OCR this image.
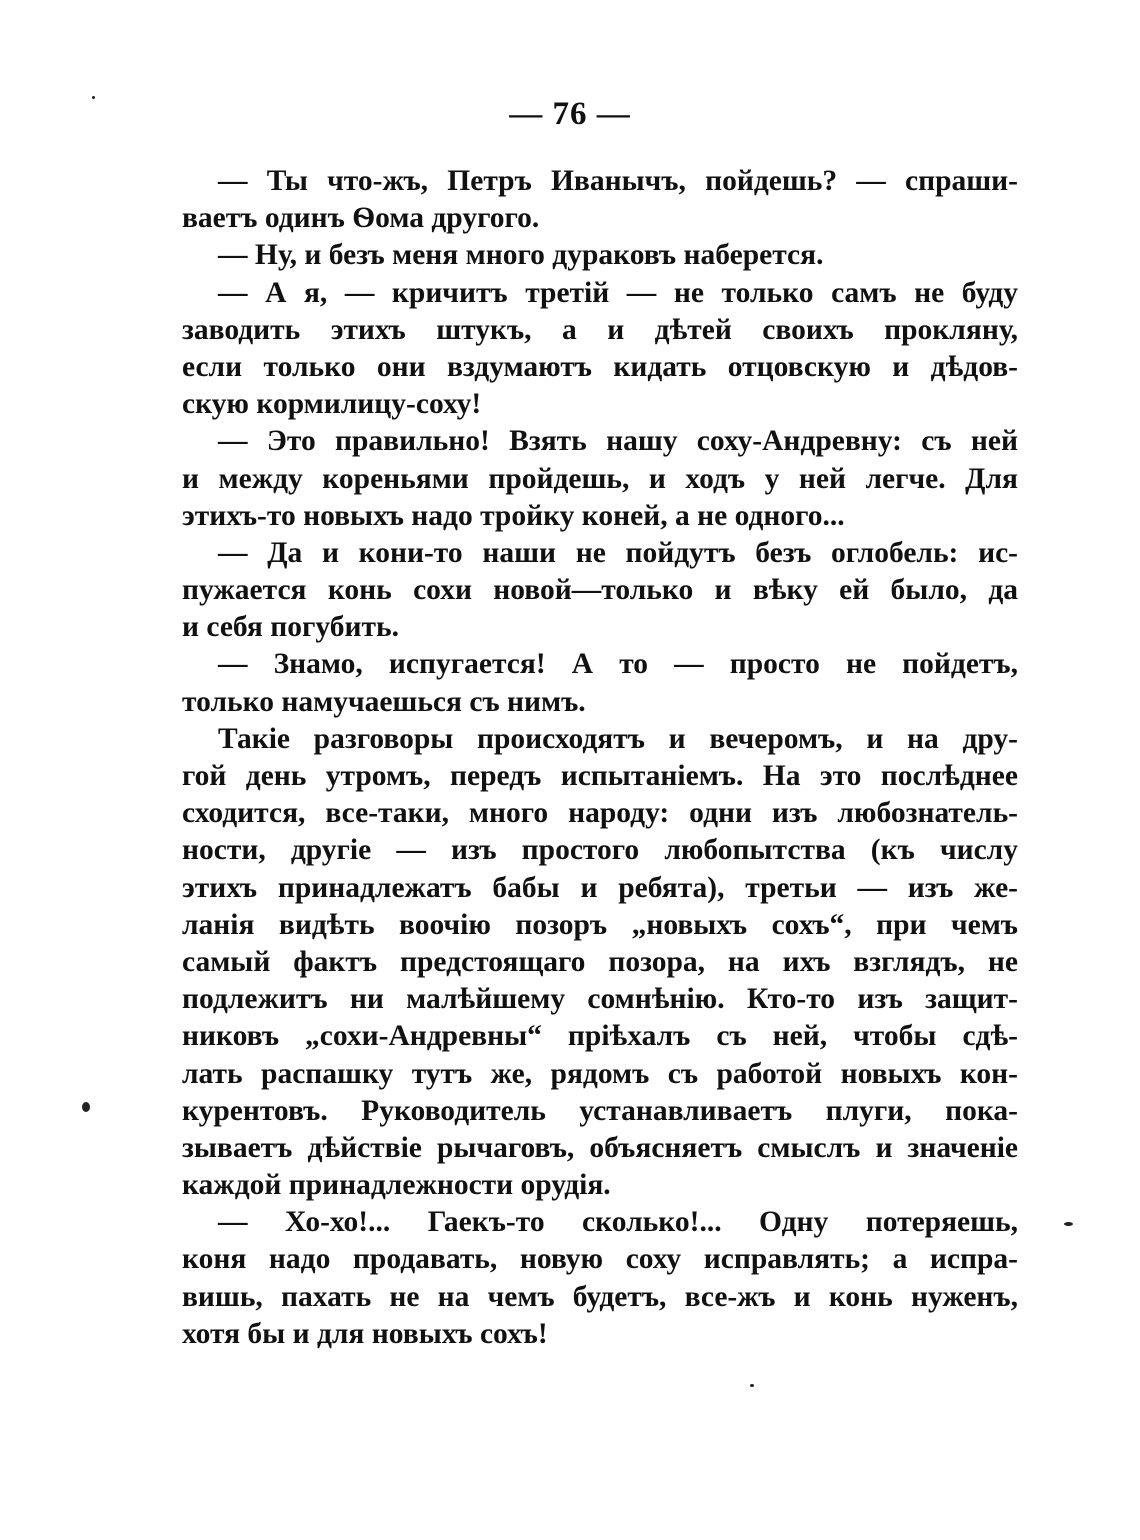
— 76 —
— Ты что-жъ, Петръ Иванычъ, пойдешь? — спраши-
ваетъ одинъ Ѳома другого.
— Ну, и безъ меня много дураковъ наберется.
— А я, — кричитъ третій — не только самъ не буду
заводить этихъ штукъ, а и дѣтей своихъ прокляну,
если только они вздумаютъ кидать отцовскую и дѣдов-
скую кормилицу-соху!
— Это правильно! Взять нашу соху-Андревну: съ ней
и между кореньями пройдешь, и ходъ у ней легче. Для
этихъ-то новыхъ надо тройку коней, а не одного...
— Да и кони-то наши не пойдутъ безъ оглобель: ис-
пужается конь сохи новой—только и вѣку ей было, да
и себя погубить.
— Знамо, испугается! А то — просто не пойдетъ,
только намучаешься съ нимъ.
Такіе разговоры происходятъ и вечеромъ, и на дру-
гой день утромъ, передъ испытаніемъ. На это послѣднее
сходится, все-таки, много народу: одни изъ любознатель-
ности, другіе — изъ простого любопытства (къ числу
этихъ принадлежатъ бабы и ребята), третьи — изъ же-
ланія видѣть воочію позоръ „новыхъ сохъ“, при чемъ
самый фактъ предстоящаго позора, на ихъ взглядъ, не
подлежитъ ни малѣйшему сомнѣнію. Кто-то изъ защит-
никовъ „сохи-Андревны“ пріѣхалъ съ ней, чтобы сдѣ-
лать распашку тутъ же, рядомъ съ работой новыхъ кон-
курентовъ. Руководитель устанавливаетъ плуги, пока-
зываетъ дѣйствіе рычаговъ, объясняетъ смыслъ и значеніе
каждой принадлежности орудія.
— Хо-хо!... Гаекъ-то сколько!... Одну потеряешь,
коня надо продавать, новую соху исправлять; а испра-
вишь, пахать не на чемъ будетъ, все-жъ и конь нуженъ,
хотя бы и для новыхъ сохъ!
